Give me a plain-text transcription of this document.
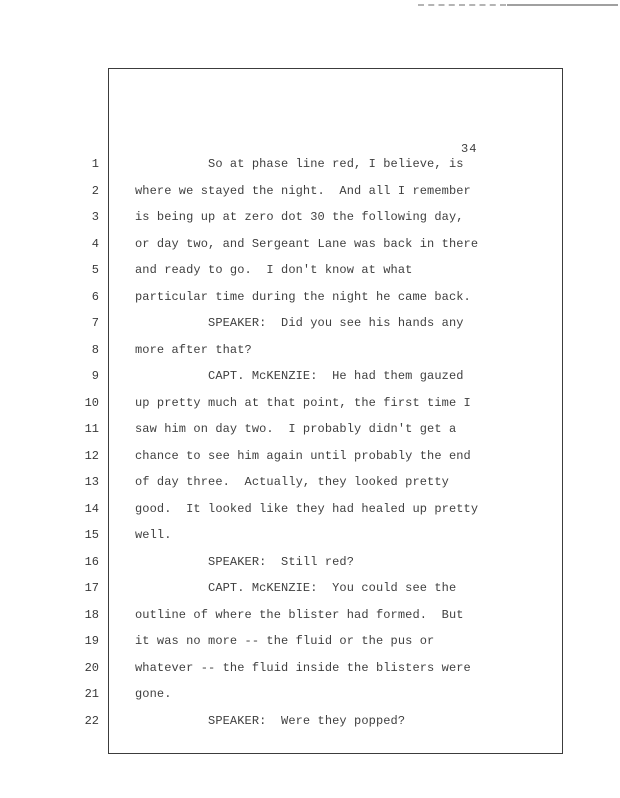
34
1	So at phase line red, I believe, is
2	where we stayed the night.  And all I remember
3	is being up at zero dot 30 the following day,
4	or day two, and Sergeant Lane was back in there
5	and ready to go.  I don't know at what
6	particular time during the night he came back.
7	SPEAKER:  Did you see his hands any
8	more after that?
9	CAPT. McKENZIE:  He had them gauzed
10	up pretty much at that point, the first time I
11	saw him on day two.  I probably didn't get a
12	chance to see him again until probably the end
13	of day three.  Actually, they looked pretty
14	good.  It looked like they had healed up pretty
15	well.
16	SPEAKER:  Still red?
17	CAPT. McKENZIE:  You could see the
18	outline of where the blister had formed.  But
19	it was no more -- the fluid or the pus or
20	whatever -- the fluid inside the blisters were
21	gone.
22	SPEAKER:  Were they popped?
